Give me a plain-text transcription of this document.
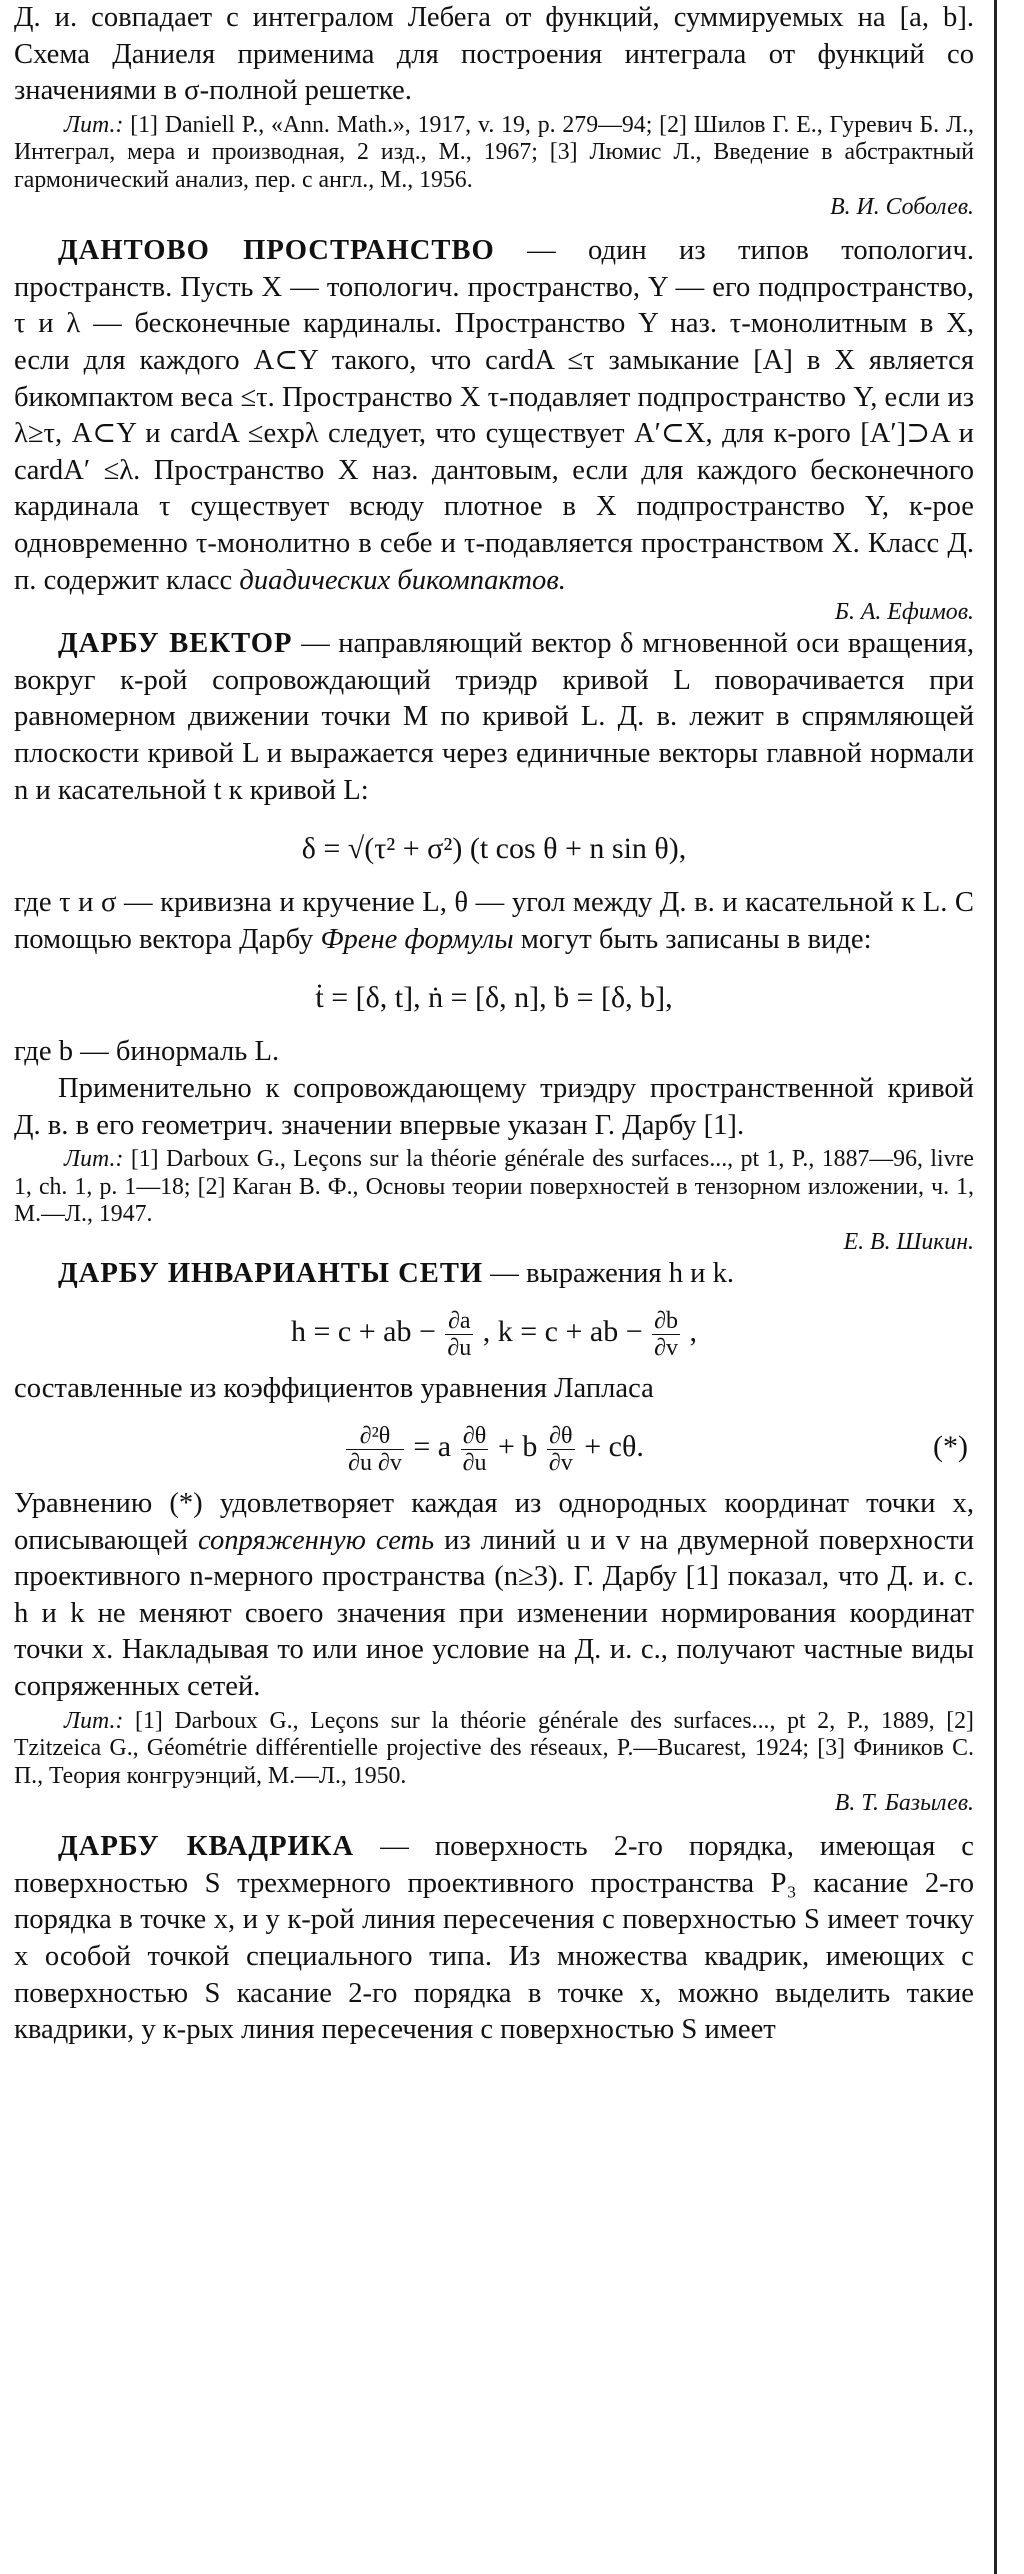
Д. и. совпадает с интегралом Лебега от функций, суммируемых на [a, b]. Схема Даниеля применима для построения интеграла от функций со значениями в σ-полной решетке.

Лит.: [1] Daniell P., «Ann. Math.», 1917, v. 19, p. 279—94; [2] Шилов Г. Е., Гуревич Б. Л., Интеграл, мера и производная, 2 изд., М., 1967; [3] Люмис Л., Введение в абстрактный гармонический анализ, пер. с англ., М., 1956.

В. И. Соболев.

ДАНТОВО ПРОСТРАНСТВО — один из типов топологич. пространств. Пусть X — топологич. пространство, Y — его подпространство, τ и λ — бесконечные кардиналы. Пространство Y наз. τ-монолитным в X, если для каждого A⊂Y такого, что cardA ≤τ замыкание [A] в X является бикомпактом веса ≤τ. Пространство X τ-подавляет подпространство Y, если из λ≥τ, A⊂Y и cardA ≤expλ следует, что существует A′⊂X, для к-рого [A′]⊃A и cardA′ ≤λ. Пространство X наз. дантовым, если для каждого бесконечного кардинала τ существует всюду плотное в X подпространство Y, к-рое одновременно τ-монолитно в себе и τ-подавляется пространством X. Класс Д. п. содержит класс диадических бикомпактов.

Б. А. Ефимов.

ДАРБУ ВЕКТОР — направляющий вектор δ мгновенной оси вращения, вокруг к-рой сопровождающий триэдр кривой L поворачивается при равномерном движении точки M по кривой L. Д. в. лежит в спрямляющей плоскости кривой L и выражается через единичные векторы главной нормали n и касательной t к кривой L:

δ = √(τ² + σ²) (t cos θ + n sin θ),

где τ и σ — кривизна и кручение L, θ — угол между Д. в. и касательной к L. С помощью вектора Дарбу Френе формулы могут быть записаны в виде:

ṫ = [δ, t], ṅ = [δ, n], ḃ = [δ, b],

где b — бинормаль L.

Применительно к сопровождающему триэдру пространственной кривой Д. в. в его геометрич. значении впервые указан Г. Дарбу [1].

Лит.: [1] Darboux G., Leçons sur la théorie générale des surfaces..., pt 1, P., 1887—96, livre 1, ch. 1, p. 1—18; [2] Каган В. Ф., Основы теории поверхностей в тензорном изложении, ч. 1, М.—Л., 1947.

Е. В. Шикин.

ДАРБУ ИНВАРИАНТЫ СЕТИ — выражения h и k.

h = c + ab − $\frac{\partial a}{\partial u}$ , k = c + ab − $\frac{\partial b}{\partial v}$ ,

составленные из коэффициентов уравнения Лапласа

$\frac{\text{∂²θ}}{\partial u \partial v} = a \frac{\partial\theta}{\partial u} + b \frac{\partial\theta}{\partial v} + c\theta$.	(*)

Уравнению (*) удовлетворяет каждая из однородных координат точки x, описывающей сопряженную сеть из линий u и v на двумерной поверхности проективного n-мерного пространства (n≥3). Г. Дарбу [1] показал, что Д. и. с. h и k не меняют своего значения при изменении нормирования координат точки x. Накладывая то или иное условие на Д. и. с., получают частные виды сопряженных сетей.

Лит.: [1] Darboux G., Leçons sur la théorie générale des surfaces..., pt 2, P., 1889, [2] Tzitzeica G., Géométrie différentielle projective des réseaux, P.—Bucarest, 1924; [3] Фиников С. П., Теория конгруэнций, М.—Л., 1950.

В. Т. Базылев.

ДАРБУ КВАДРИКА — поверхность 2-го порядка, имеющая с поверхностью S трехмерного проективного пространства P₃ касание 2-го порядка в точке x, и у к-рой линия пересечения с поверхностью S имеет точку x особой точкой специального типа. Из множества квадрик, имеющих с поверхностью S касание 2-го порядка в точке x, можно выделить такие квадрики, у к-рых линия пересечения с поверхностью S имеет
